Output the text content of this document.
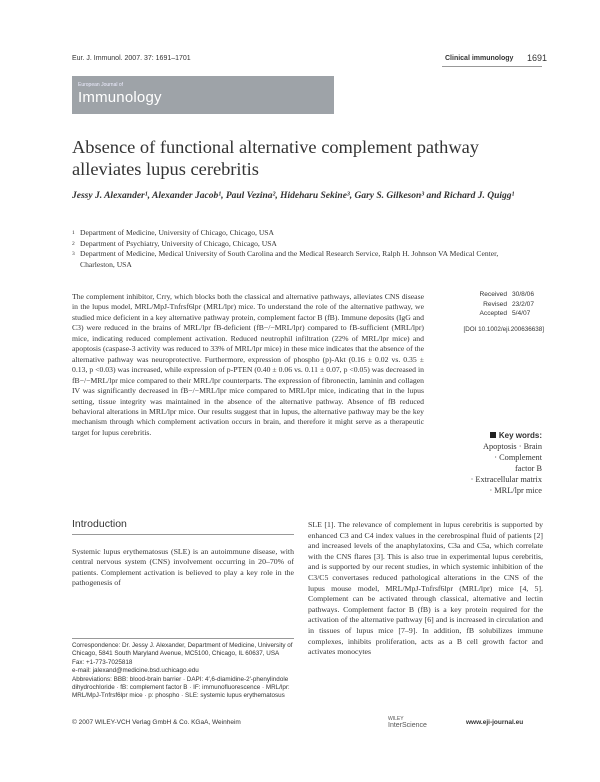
Eur. J. Immunol. 2007. 37: 1691–1701	Clinical immunology 1691
European Journal of
Immunology
Absence of functional alternative complement pathway alleviates lupus cerebritis
Jessy J. Alexander¹, Alexander Jacob¹, Paul Vezina², Hideharu Sekine³, Gary S. Gilkeson³ and Richard J. Quigg¹
1 Department of Medicine, University of Chicago, Chicago, USA
2 Department of Psychiatry, University of Chicago, Chicago, USA
3 Department of Medicine, Medical University of South Carolina and the Medical Research Service, Ralph H. Johnson VA Medical Center, Charleston, USA
The complement inhibitor, Crry, which blocks both the classical and alternative pathways, alleviates CNS disease in the lupus model, MRL/MpJ-Tnfrsf6lpr (MRL/lpr) mice. To understand the role of the alternative pathway, we studied mice deficient in a key alternative pathway protein, complement factor B (fB). Immune deposits (IgG and C3) were reduced in the brains of MRL/lpr fB-deficient (fB−/−MRL/lpr) compared to fB-sufficient (MRL/lpr) mice, indicating reduced complement activation. Reduced neutrophil infiltration (22% of MRL/lpr mice) and apoptosis (caspase-3 activity was reduced to 33% of MRL/lpr mice) in these mice indicates that the absence of the alternative pathway was neuroprotective. Furthermore, expression of phospho (p)-Akt (0.16 ± 0.02 vs. 0.35 ± 0.13, p <0.03) was increased, while expression of p-PTEN (0.40 ± 0.06 vs. 0.11 ± 0.07, p <0.05) was decreased in fB−/−MRL/lpr mice compared to their MRL/lpr counterparts. The expression of fibronectin, laminin and collagen IV was significantly decreased in fB−/−MRL/lpr mice compared to MRL/lpr mice, indicating that in the lupus setting, tissue integrity was maintained in the absence of the alternative pathway. Absence of fB reduced behavioral alterations in MRL/lpr mice. Our results suggest that in lupus, the alternative pathway may be the key mechanism through which complement activation occurs in brain, and therefore it might serve as a therapeutic target for lupus cerebritis.
Received 30/8/06
Revised 23/2/07
Accepted 5/4/07
[DOI 10.1002/eji.200636638]
Key words:
Apoptosis · Brain
· Complement
factor B
· Extracellular matrix
· MRL/lpr mice
Introduction
Systemic lupus erythematosus (SLE) is an autoimmune disease, with central nervous system (CNS) involvement occurring in 20–70% of patients. Complement activation is believed to play a key role in the pathogenesis of
SLE [1]. The relevance of complement in lupus cerebritis is supported by enhanced C3 and C4 index values in the cerebrospinal fluid of patients [2] and increased levels of the anaphylatoxins, C3a and C5a, which correlate with the CNS flares [3]. This is also true in experimental lupus cerebritis, and is supported by our recent studies, in which systemic inhibition of the C3/C5 convertases reduced pathological alterations in the CNS of the lupus mouse model, MRL/MpJ-Tnfrsf6lpr (MRL/lpr) mice [4, 5]. Complement can be activated through classical, alternative and lectin pathways. Complement factor B (fB) is a key protein required for the activation of the alternative pathway [6] and is increased in circulation and in tissues of lupus mice [7–9]. In addition, fB solubilizes immune complexes, inhibits proliferation, acts as a B cell growth factor and activates monocytes
Correspondence: Dr. Jessy J. Alexander, Department of Medicine, University of Chicago, 5841 South Maryland Avenue, MC5100, Chicago, IL 60637, USA
Fax: +1-773-7025818
e-mail: jalexand@medicine.bsd.uchicago.edu
Abbreviations: BBB: blood-brain barrier · DAPI: 4′,6-diamidine-2′-phenylindole dihydrochloride · fB: complement factor B · IF: immunofluorescence · MRL/lpr: MRL/MpJ-Tnfrsf6lpr mice · p: phospho · SLE: systemic lupus erythematosus
© 2007 WILEY-VCH Verlag GmbH & Co. KGaA, Weinheim	WILEY
InterScience	www.eji-journal.eu
